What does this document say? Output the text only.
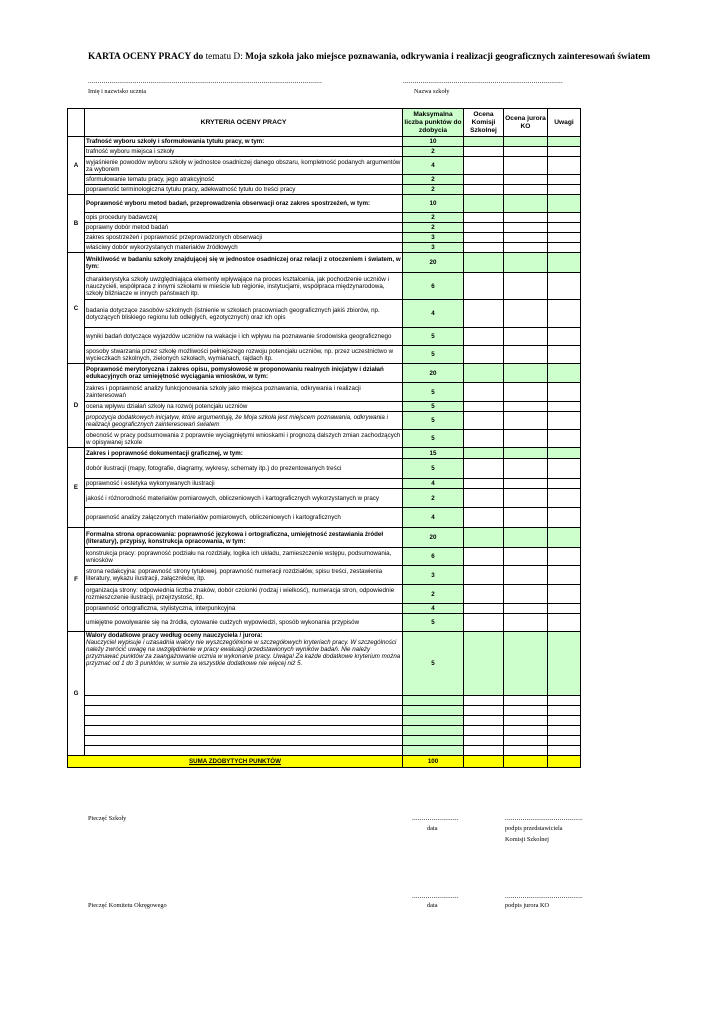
KARTA OCENY PRACY do tematu D: Moja szkoła jako miejsce poznawania, odkrywania i realizacji geograficznych zainteresowań światem
........................................................................................................................
Imię i nazwisko ucznia
..................................................................................
Nazwa szkoły
	KRYTERIA OCENY PRACY	Maksymalna liczba punktów do zdobycia	Ocena Komisji Szkolnej	Ocena jurora KO	Uwagi
A	Trafność wyboru szkoły i sformułowania tytułu pracy, w tym:	10			
	trafność wyboru miejsca i szkoły	2			
	wyjaśnienie powodów wyboru szkoły w jednostce osadniczej danego obszaru, kompletność podanych argumentów za wyborem	4			
	sformułowanie tematu pracy, jego atrakcyjność	2			
	poprawność terminologiczna tytułu pracy, adekwatność tytułu do treści pracy	2			
B	Poprawność wyboru metod badań, przeprowadzenia obserwacji oraz zakres spostrzeżeń, w tym:	10			
	opis procedury badawczej	2			
	poprawny dobór metod badań	2			
	zakres spostrzeżeń i poprawność przeprowadzonych obserwacji	3			
	właściwy dobór wykorzystanych materiałów źródłowych	3			
C	Wnikliwość w badaniu szkoły znajdującej się w jednostce osadniczej oraz relacji z otoczeniem i światem, w tym:	20			
	charakterystyka szkoły uwzględniająca elementy wpływające na proces kształcenia, jak pochodzenie uczniów i nauczycieli, współpraca z innymi szkołami w mieście lub regionie, instytucjami, współpraca międzynarodowa, szkoły bliźniacze w innych państwach itp.	6			
	badania dotyczące zasobów szkolnych (istnienie w szkołach pracowniach geograficznych jakiś zbiorów, np. dotyczących bliskiego regionu lub odległych, egzotycznych) oraz ich opis	4			
	wyniki badań dotyczące wyjazdów uczniów na wakacje i ich wpływu na poznawanie środowiska geograficznego	5			
	sposoby stwarzania przez szkołę możliwości pełniejszego rozwoju potencjału uczniów, np. przez uczestnictwo w wycieczkach szkolnych, zielonych szkołach, wymianach, rajdach itp.	5			
D	Poprawność merytoryczna i zakres opisu, pomysłowość w proponowaniu realnych inicjatyw i działań edukacyjnych oraz umiejętność wyciągania wniosków, w tym:	20			
	zakres i poprawność analizy funkcjonowania szkoły jako miejsca poznawania, odkrywania i realizacji zainteresowań	5			
	ocena wpływu działań szkoły na rozwój potencjału uczniów	5			
	propozycja dodatkowych inicjatyw, które argumentują, że Moja szkoła jest miejscem poznawania, odkrywania i realizacji geograficznych zainteresowań światem	5			
	obecność w pracy podsumowania z poprawnie wyciągniętymi wnioskami i prognozą dalszych zmian zachodzących w opisywanej szkole	5			
E	Zakres i poprawność dokumentacji graficznej, w tym:	15			
	dobór ilustracji (mapy, fotografie, diagramy, wykresy, schematy itp.) do prezentowanych treści	5			
	poprawność i estetyka wykonywanych ilustracji	4			
	jakość i różnorodność materiałów pomiarowych, obliczeniowych i kartograficznych wykorzystanych w pracy	2			
	poprawność analizy załączonych materiałów pomiarowych, obliczeniowych i kartograficznych	4			
F	Formalna strona opracowania: poprawność językowa i ortograficzna, umiejętność zestawiania źródeł (literatury), przypisy, konstrukcja opracowania, w tym:	20			
	konstrukcja pracy: poprawność podziału na rozdziały, logika ich układu, zamieszczenie wstępu, podsumowania, wniosków	6			
	strona redakcyjna: poprawność strony tytułowej, poprawność numeracji rozdziałów, spisu treści, zestawienia literatury, wykazu ilustracji, załączników, itp.	3			
	organizacja strony: odpowiednia liczba znaków, dobór czcionki (rodzaj i wielkość), numeracja stron, odpowiednie rozmieszczenie ilustracji, przejrzystość, itp.	2			
	poprawność ortograficzna, stylistyczna, interpunkcyjna	4			
	umiejętne powoływanie się na źródła, cytowanie cudzych wypowiedzi, sposób wykonania przypisów	5			
G	Walory dodatkowe pracy według oceny nauczyciela / jurora:
Nauczyciel wypisuje i uzasadnia walory nie wyszczególnione w szczegółowych kryteriach pracy. W szczególności należy zwrócić uwagę na uwzględnienie w pracy ewaluacji przedstawionych wyników badań. Nie należy przyznawać punktów za zaangażowanie ucznia w wykonanie pracy. Uwaga! Za każde dodatkowe kryterium można przyznać od 1 do 3 punktów, w sumie za wszystkie dodatkowe nie więcej niż 5.	5			

SUMA ZDOBYTYCH PUNKTÓW		100			
........................	........................................
Pieczęć Szkoły
data	podpis przedstawiciela
Komisji Szkolnej
........................	........................................
Pieczęć Komitetu Okręgowego	data	podpis jurora KO
